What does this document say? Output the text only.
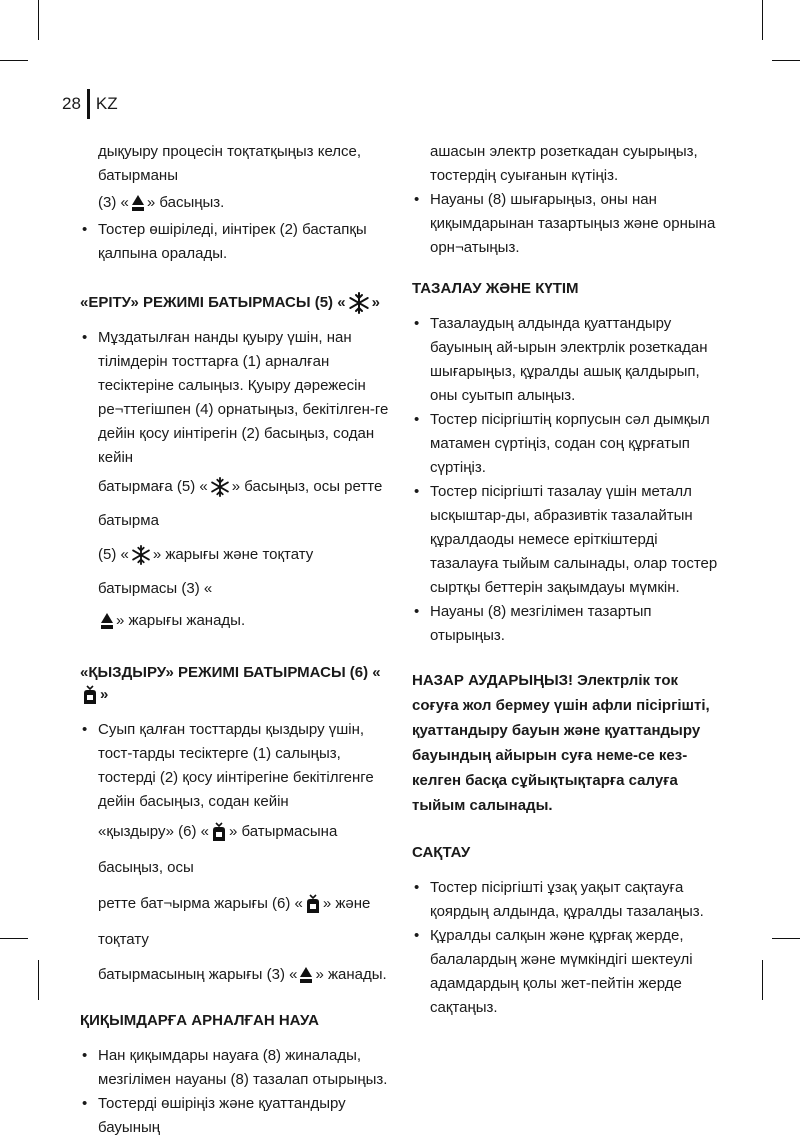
28 KZ

дықуыру процесін тоқтатқыңыз келсе, батырманы

(3) « » басыңыз.

• Тостер өшіріледі, иінтірек (2) бастапқы қалпына оралады.
«ЕРІТУ» РЕЖИМІ БАТЫРМАСЫ (5) « »
• Мұздатылған нанды қуыру үшін, нан тілімдерін тосттарға (1) арналған тесіктеріне салыңыз. Қуыру дәрежесін ре¬ттегішпен (4) орнатыңыз, бекітілген-ге дейін қосу иінтірегін (2) басыңыз, содан кейін
батырмаға (5) « » басыңыз, осы ретте батырма
(5) « » жарығы және тоқтату батырмасы (3) «
» жарығы жанады.
«ҚЫЗДЫРУ» РЕЖИМІ БАТЫРМАСЫ (6) «
»
• Суып қалған тосттарды қыздыру үшін, тост-тарды тесіктерге (1) салыңыз, тостерді (2) қосу иінтірегіне бекітілгенге дейін басыңыз, содан кейін
«қыздыру» (6) « » батырмасына басыңыз, осы
ретте бат¬ырма жарығы (6) « » және тоқтату
батырмасының жарығы (3) « » жанады.
ҚИҚЫМДАРҒА АРНАЛҒАН НАУА
• Нан қиқымдары науаға (8) жиналады, мезгілімен науаны (8) тазалап отырыңыз.
• Тостерді өшіріңіз және қуаттандыру бауының

ашасын электр розеткадан суырыңыз, тостердің суығанын күтіңіз.

• Науаны (8) шығарыңыз, оны нан қиқымдарынан тазартыңыз және орнына орн¬атыңыз.
ТАЗАЛАУ ЖӘНЕ КҮТІМ
• Тазалаудың алдында қуаттандыру бауының ай-ырын электрлік розеткадан шығарыңыз, құралды ашық қалдырып, оны суытып алыңыз.
• Тостер пісіргіштің корпусын сәл дымқыл матамен сүртіңіз, содан соң құрғатып сүртіңіз.
• Тостер пісіргішті тазалау үшін металл ысқыштар-ды, абразивтік тазалайтын құралдаоды немесе еріткіштерді тазалауға тыйым салынады, олар тостер сыртқы беттерін зақымдауы мүмкін.
• Науаны (8) мезгілімен тазартып отырыңыз.

НАЗАР АУДАРЫҢЫЗ! Электрлік ток соғуға жол бермеу үшін афли пісіргішті, қуаттандыру бауын және қуаттандыру бауындың айырын суға неме-се кез-келген басқа сұйықтықтарға салуға тыйым салынады.

САҚТАУ
• Тостер пісіргішті ұзақ уақыт сақтауға қоярдың алдында, құралды тазалаңыз.
• Құралды салқын және құрғақ жерде, балалардың және мүмкіндігі шектеулі адамдардың қолы жет-пейтін жерде сақтаңыз.
